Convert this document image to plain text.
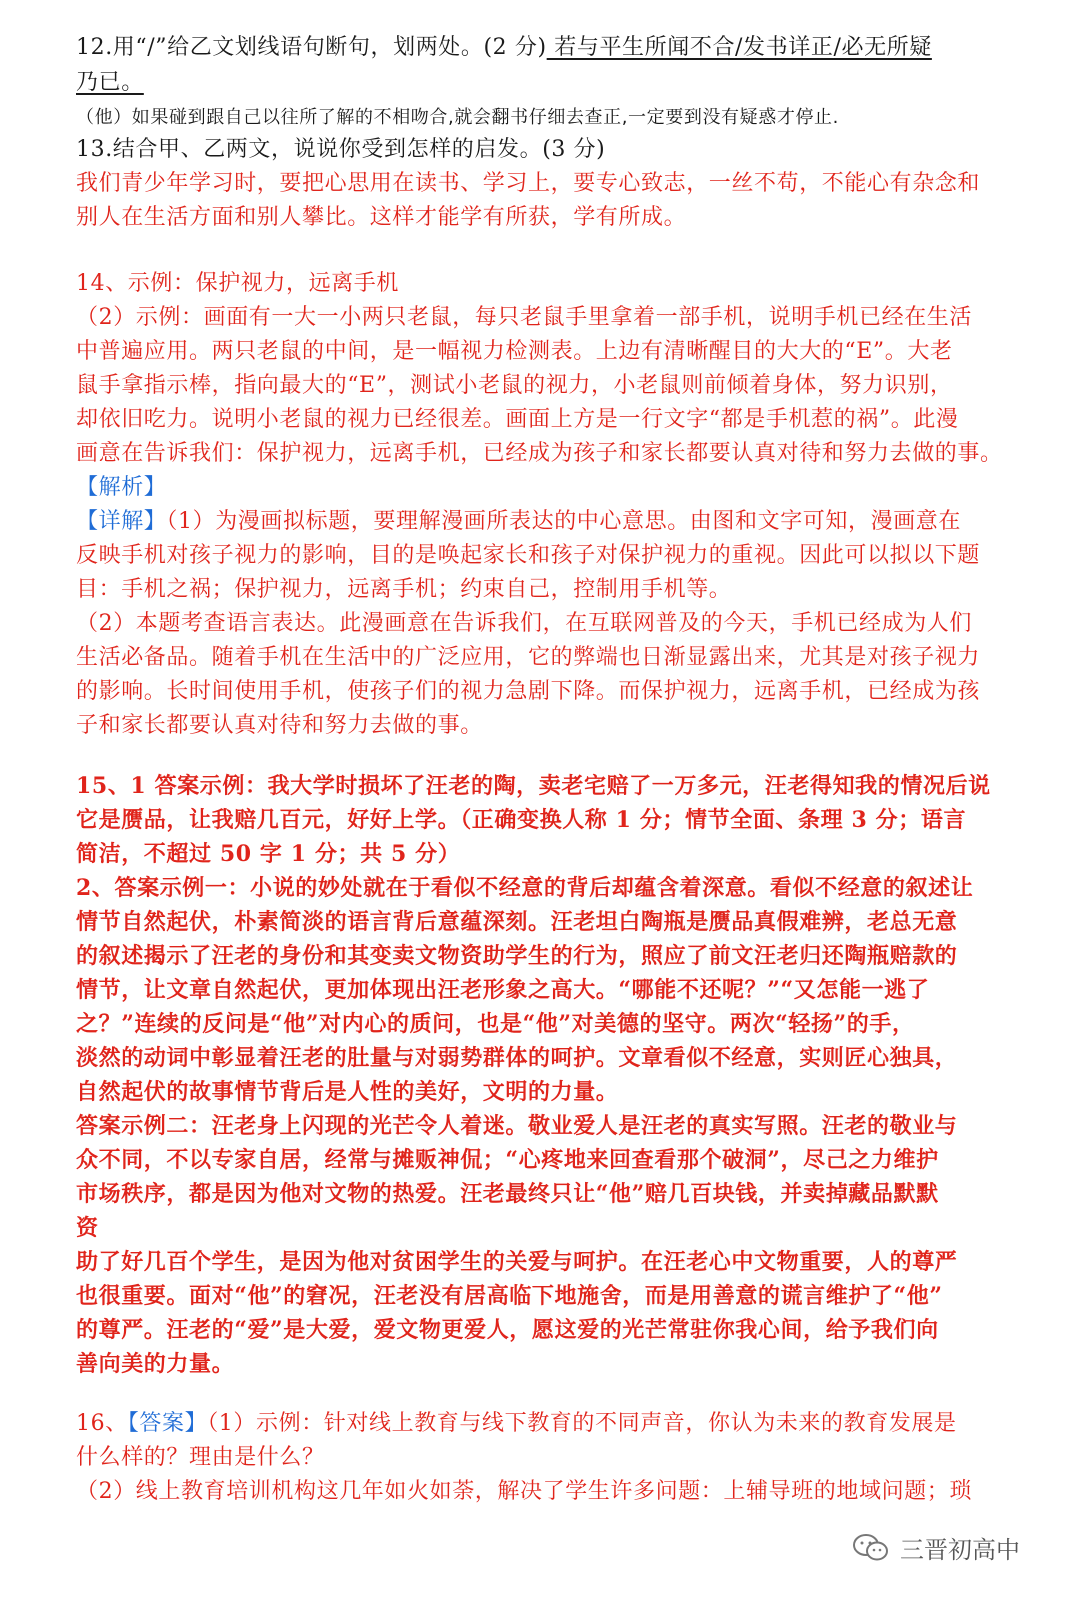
12.用“/”给乙文划线语句断句，划两处。(2 分) 若与平生所闻不合/发书详正/必无所疑
乃已。
（他）如果碰到跟自己以往所了解的不相吻合,就会翻书仔细去查正,一定要到没有疑惑才停止.
13.结合甲、乙两文，说说你受到怎样的启发。(3 分)
我们青少年学习时，要把心思用在读书、学习上，要专心致志，一丝不苟，不能心有杂念和
别人在生活方面和别人攀比。这样才能学有所获，学有所成。
14、示例：保护视力，远离手机
（2）示例：画面有一大一小两只老鼠，每只老鼠手里拿着一部手机，说明手机已经在生活
中普遍应用。两只老鼠的中间，是一幅视力检测表。上边有清晰醒目的大大的“E”。大老
鼠手拿指示棒，指向最大的“E”，测试小老鼠的视力，小老鼠则前倾着身体，努力识别，
却依旧吃力。说明小老鼠的视力已经很差。画面上方是一行文字“都是手机惹的祸”。此漫
画意在告诉我们：保护视力，远离手机，已经成为孩子和家长都要认真对待和努力去做的事。
【解析】
【详解】（1）为漫画拟标题，要理解漫画所表达的中心意思。由图和文字可知，漫画意在
反映手机对孩子视力的影响，目的是唤起家长和孩子对保护视力的重视。因此可以拟以下题
目：手机之祸；保护视力，远离手机；约束自己，控制用手机等。
（2）本题考查语言表达。此漫画意在告诉我们，在互联网普及的今天，手机已经成为人们
生活必备品。随着手机在生活中的广泛应用，它的弊端也日渐显露出来，尤其是对孩子视力
的影响。长时间使用手机，使孩子们的视力急剧下降。而保护视力，远离手机，已经成为孩
子和家长都要认真对待和努力去做的事。
15、1 答案示例：我大学时损坏了汪老的陶，卖老宅赔了一万多元，汪老得知我的情况后说
它是赝品，让我赔几百元，好好上学。（正确变换人称 1 分；情节全面、条理 3 分；语言
简洁，不超过 50 字 1 分；共 5 分）
2、答案示例一：小说的妙处就在于看似不经意的背后却蕴含着深意。看似不经意的叙述让
情节自然起伏，朴素简淡的语言背后意蕴深刻。汪老坦白陶瓶是赝品真假难辨，老总无意
的叙述揭示了汪老的身份和其变卖文物资助学生的行为，照应了前文汪老归还陶瓶赔款的
情节，让文章自然起伏，更加体现出汪老形象之高大。“哪能不还呢？”“又怎能一逃了
之？”连续的反问是“他”对内心的质问，也是“他”对美德的坚守。两次“轻扬”的手，
淡然的动词中彰显着汪老的肚量与对弱势群体的呵护。文章看似不经意，实则匠心独具，
自然起伏的故事情节背后是人性的美好，文明的力量。
答案示例二：汪老身上闪现的光芒令人着迷。敬业爱人是汪老的真实写照。汪老的敬业与
众不同，不以专家自居，经常与摊贩神侃；“心疼地来回查看那个破洞”，尽己之力维护
市场秩序，都是因为他对文物的热爱。汪老最终只让“他”赔几百块钱，并卖掉藏品默默
资
助了好几百个学生，是因为他对贫困学生的关爱与呵护。在汪老心中文物重要，人的尊严
也很重要。面对“他”的窘况，汪老没有居高临下地施舍，而是用善意的谎言维护了“他”
的尊严。汪老的“爱”是大爱，爱文物更爱人，愿这爱的光芒常驻你我心间，给予我们向
善向美的力量。
16、【答案】（1）示例：针对线上教育与线下教育的不同声音，你认为未来的教育发展是
什么样的？理由是什么？
（2）线上教育培训机构这几年如火如荼，解决了学生许多问题：上辅导班的地域问题；琐
三晋初高中
